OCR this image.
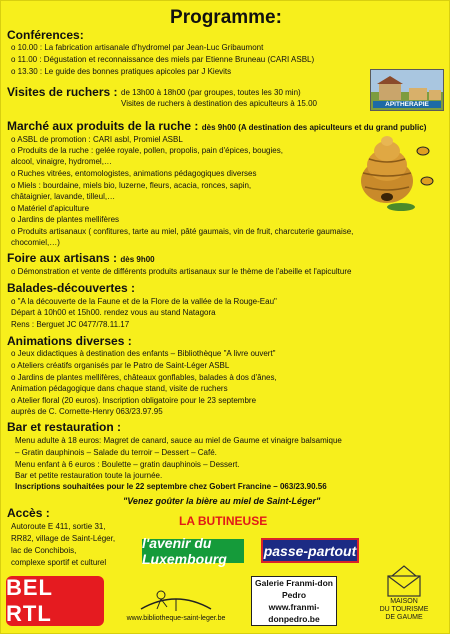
Programme:
Conférences:
o 10.00 : La fabrication artisanale d'hydromel par Jean-Luc Gribaumont
o 11.00 : Dégustation et reconnaissance des miels par Etienne Bruneau (CARI ASBL)
o 13.30 : Le guide des bonnes pratiques apicoles par J Kievits
Visites de ruchers : de 13h00 à 18h00 (par groupes, toutes les 30 min)
Visites de ruchers à destination des apiculteurs à 15.00	APITHERAPIE
Marché aux produits de la ruche : dès 9h00 (A destination des apiculteurs et du grand public)
o ASBL de promotion : CARI asbl, Promiel ASBL
o Produits de la ruche : gelée royale, pollen, propolis, pain d'épices, bougies,
alcool, vinaigre, hydromel,…
o Ruches vitrées, entomologistes, animations pédagogiques diverses
o Miels : bourdaine, miels bio, luzerne, fleurs, acacia, ronces, sapin,
châtaignier, lavande, tilleul,…
o Matériel d'apiculture
o Jardins de plantes mellifères
o Produits artisanaux ( confitures, tarte au miel, pâté gaumais, vin de fruit, charcuterie gaumaise,
chocomiel,…)
Foire aux artisans : dès 9h00
o Démonstration et vente de différents produits artisanaux sur le thème de l'abeille et l'apiculture
Balades-découvertes :
o "A la découverte de la Faune et de la Flore de la vallée de la Rouge-Eau"
Départ à 10h00 et 15h00. rendez vous au stand Natagora
Rens : Berguet JC 0477/78.11.17
Animations diverses :
o Jeux didactiques à destination des enfants – Bibliothèque "A livre ouvert"
o Ateliers créatifs organisés par le Patro de Saint-Léger ASBL
o Jardins de plantes mellifères, châteaux gonflables, balades à dos d'ânes,
Animation pédagogique dans chaque stand, visite de ruchers
o Atelier floral (20 euros). Inscription obligatoire pour le 23 septembre
auprès de C. Cornette-Henry 063/23.97.95
Bar et restauration :
Menu adulte à 18 euros: Magret de canard, sauce au miel de Gaume et vinaigre balsamique
– Gratin dauphinois – Salade du terroir – Dessert – Café.
Menu enfant à 6 euros : Boulette – gratin dauphinois – Dessert.
Bar et petite restauration toute la journée.
Inscriptions souhaitées pour le 22 septembre chez Gobert Francine – 063/23.90.56
"Venez goûter la bière au miel de Saint-Léger"
Accès :
Autoroute E 411, sortie 31,
RR82, village de Saint-Léger,
lac de Conchibois,
complexe sportif et culturel
LA BUTINEUSE
l'avenir du Luxembourg
passe-partout
BEL RTL	www.bibliotheque-saint-leger.be
Galerie Franmi-don Pedro
www.franmi-donpedro.be
MAISON
DU TOURISME
DE GAUME
